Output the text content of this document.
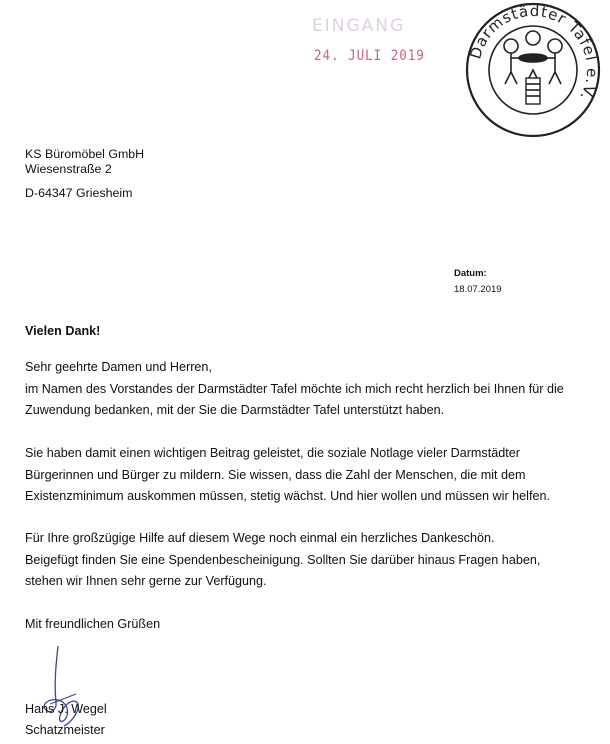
EINGANG
24. JULI 2019	Darmstädter Tafel e.V.
KS Büromöbel GmbH
Wiesenstraße 2
D-64347 Griesheim
Datum:
18.07.2019
Vielen Dank!
Sehr geehrte Damen und Herren,
im Namen des Vorstandes der Darmstädter Tafel möchte ich mich recht herzlich bei Ihnen für die
Zuwendung bedanken, mit der Sie die Darmstädter Tafel unterstützt haben.
Sie haben damit einen wichtigen Beitrag geleistet, die soziale Notlage vieler Darmstädter
Bürgerinnen und Bürger zu mildern. Sie wissen, dass die Zahl der Menschen, die mit dem
Existenzminimum auskommen müssen, stetig wächst. Und hier wollen und müssen wir helfen.
Für Ihre großzügige Hilfe auf diesem Wege noch einmal ein herzliches Dankeschön.
Beigefügt finden Sie eine Spendenbescheinigung. Sollten Sie darüber hinaus Fragen haben,
stehen wir Ihnen sehr gerne zur Verfügung.
Mit freundlichen Grüßen
Hans J. Wegel
Schatzmeister
